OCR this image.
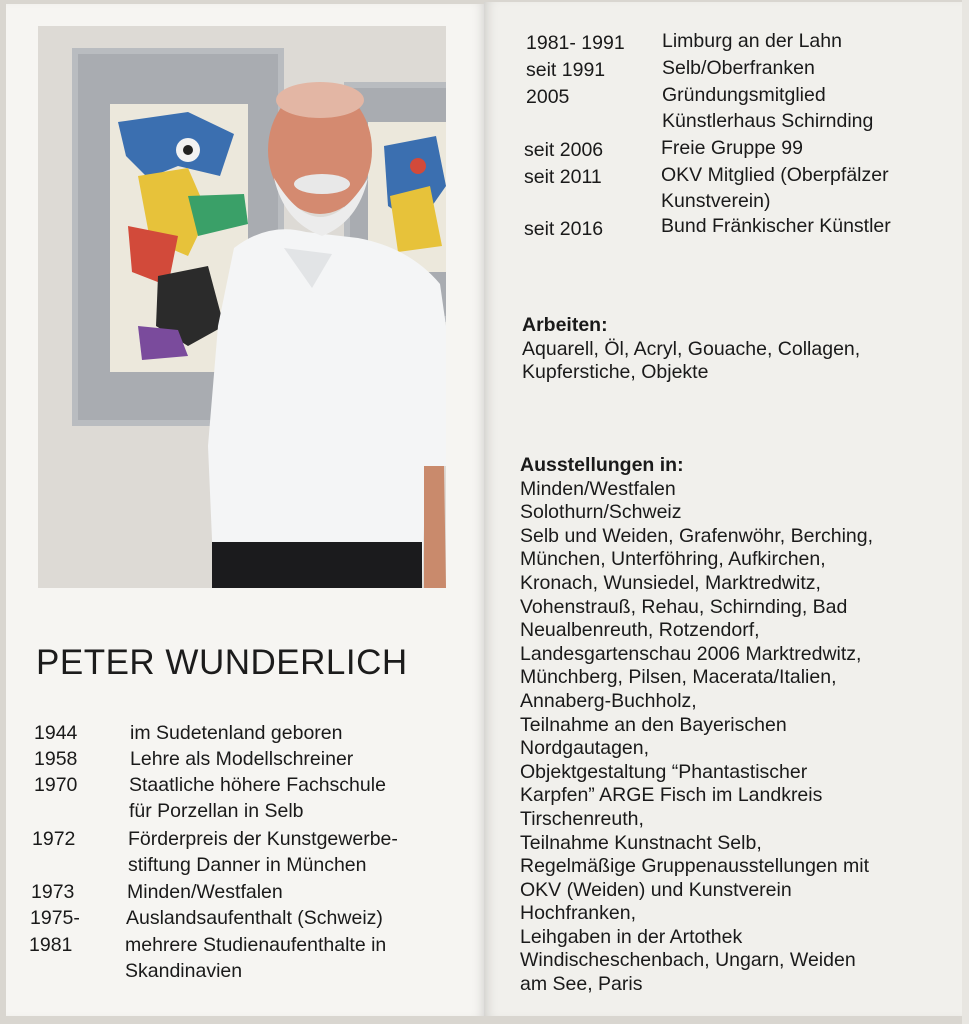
PETER WUNDERLICH
1944	im Sudetenland geboren
1958	Lehre als Modellschreiner
1970	Staatliche höhere Fachschule
für Porzellan in Selb
1972	Förderpreis der Kunstgewerbe-
stiftung Danner in München
1973	Minden/Westfalen
1975- Auslandsaufenthalt (Schweiz)
1981	mehrere Studienaufenthalte in
Skandinavien
1981- 1991 Limburg an der Lahn
seit 1991	Selb/Oberfranken
2005	Gründungsmitglied
Künstlerhaus Schirnding
seit 2006	Freie Gruppe 99
seit 2011	OKV Mitglied (Oberpfälzer
Kunstverein)
seit 2016	Bund Fränkischer Künstler
Arbeiten:
Aquarell, Öl, Acryl, Gouache, Collagen,
Kupferstiche, Objekte
Ausstellungen in:
Minden/Westfalen
Solothurn/Schweiz
Selb und Weiden, Grafenwöhr, Berching,
München, Unterföhring, Aufkirchen,
Kronach, Wunsiedel, Marktredwitz,
Vohenstrauß, Rehau, Schirnding, Bad
Neualbenreuth, Rotzendorf,
Landesgartenschau 2006 Marktredwitz,
Münchberg, Pilsen, Macerata/Italien,
Annaberg-Buchholz,
Teilnahme an den Bayerischen
Nordgautagen,
Objektgestaltung “Phantastischer
Karpfen” ARGE Fisch im Landkreis
Tirschenreuth,
Teilnahme Kunstnacht Selb,
Regelmäßige Gruppenausstellungen mit
OKV (Weiden) und Kunstverein
Hochfranken,
Leihgaben in der Artothek
Windischeschenbach, Ungarn, Weiden
am See, Paris
